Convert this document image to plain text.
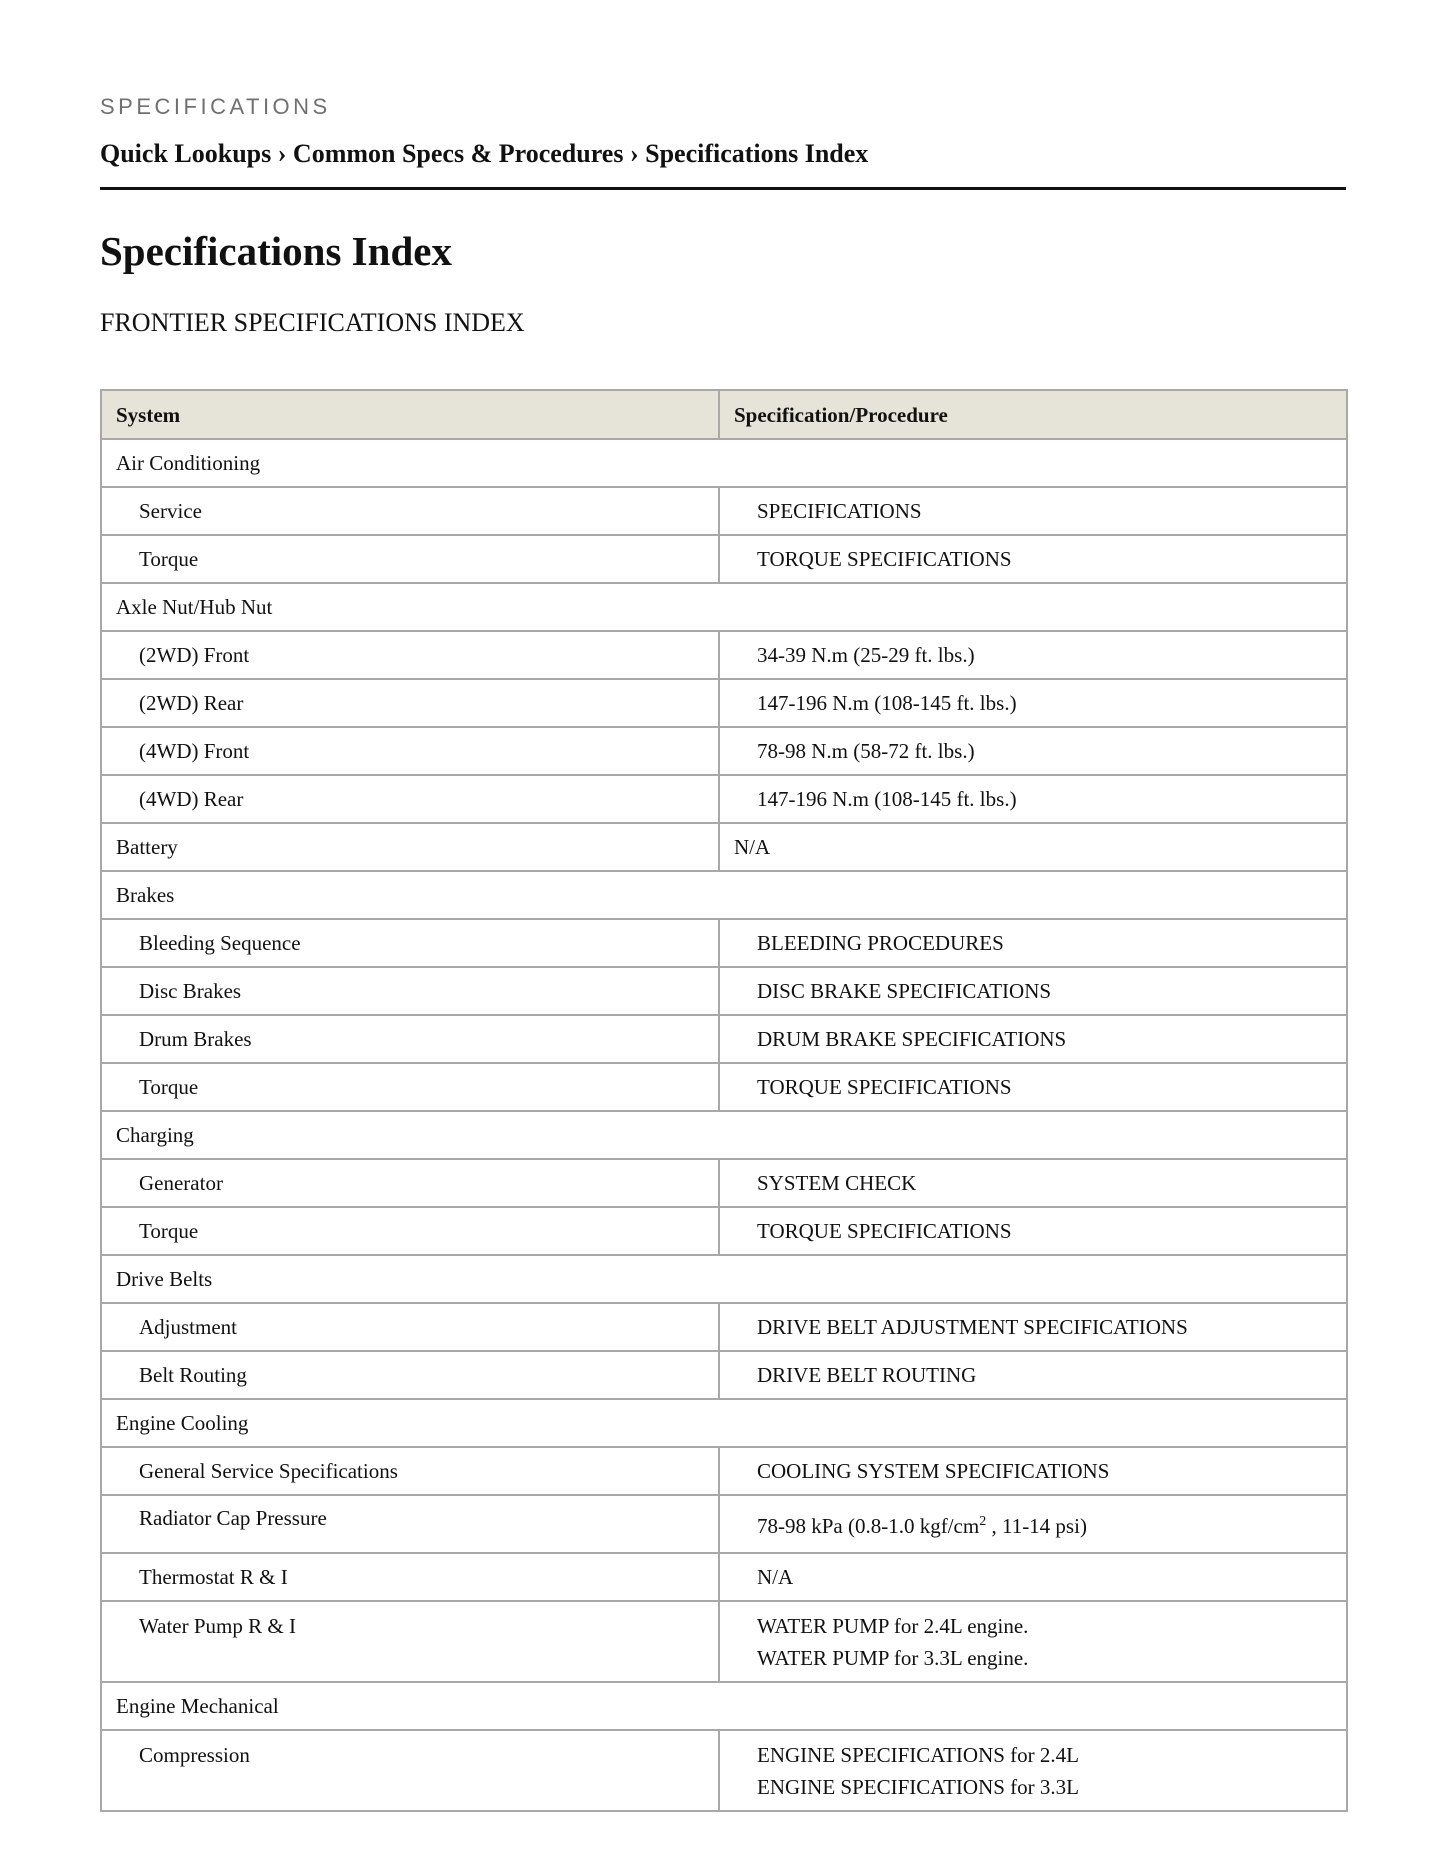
SPECIFICATIONS
Quick Lookups › Common Specs & Procedures › Specifications Index
Specifications Index
FRONTIER SPECIFICATIONS INDEX
System	Specification/Procedure
Air Conditioning	
Service	SPECIFICATIONS
Torque	TORQUE SPECIFICATIONS
Axle Nut/Hub Nut	
(2WD) Front	34-39 N.m (25-29 ft. lbs.)
(2WD) Rear	147-196 N.m (108-145 ft. lbs.)
(4WD) Front	78-98 N.m (58-72 ft. lbs.)
(4WD) Rear	147-196 N.m (108-145 ft. lbs.)
Battery	N/A
Brakes	
Bleeding Sequence	BLEEDING PROCEDURES
Disc Brakes	DISC BRAKE SPECIFICATIONS
Drum Brakes	DRUM BRAKE SPECIFICATIONS
Torque	TORQUE SPECIFICATIONS
Charging	
Generator	SYSTEM CHECK
Torque	TORQUE SPECIFICATIONS
Drive Belts	
Adjustment	DRIVE BELT ADJUSTMENT SPECIFICATIONS
Belt Routing	DRIVE BELT ROUTING
Engine Cooling	
General Service Specifications	COOLING SYSTEM SPECIFICATIONS
Radiator Cap Pressure	78-98 kPa (0.8-1.0 kgf/$cm^2$ , 11-14 psi)
Thermostat R & I	N/A
Water Pump R & I	WATER PUMP for 2.4L engine.
WATER PUMP for 3.3L engine.

Engine Mechanical	
Compression	ENGINE SPECIFICATIONS for 2.4L
ENGINE SPECIFICATIONS for 3.3L
